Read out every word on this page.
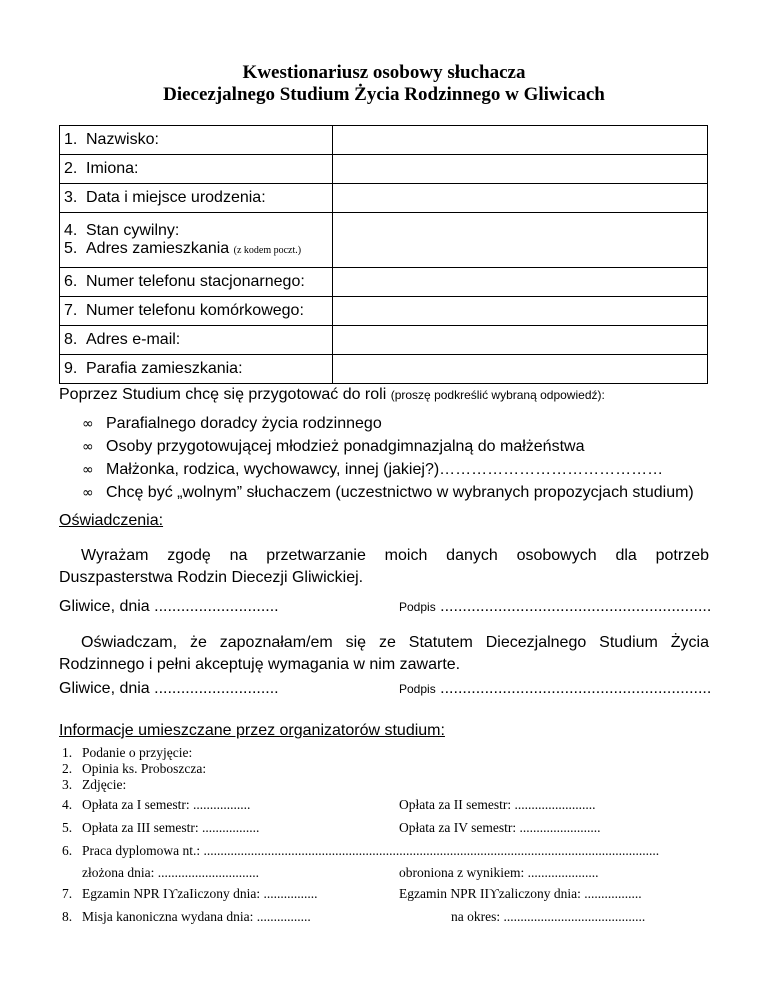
Kwestionariusz osobowy słuchacza
Diecezjalnego Studium Życia Rodzinnego w Gliwicach
1. Nazwisko:	
2. Imiona:	
3. Data i miejsce urodzenia:	

4. Stan cywilny:
5. Adres zamieszkania (z kodem poczt.)	

6. Numer telefonu stacjonarnego:	
7. Numer telefonu komórkowego:	
8. Adres e-mail:	
9. Parafia zamieszkania:	
Poprzez Studium chcę się przygotować do roli (proszę podkreślić wybraną odpowiedź):
∞ Parafialnego doradcy życia rodzinnego
∞ Osoby przygotowującej młodzież ponadgimnazjalną do małżeństwa
∞ Małżonka, rodzica, wychowawcy, innej (jakiej?)……………………………………
∞ Chcę być „wolnym” słuchaczem (uczestnictwo w wybranych propozycjach studium)
Oświadczenia:
Wyrażam zgodę na przetwarzanie moich danych osobowych dla potrzeb Duszpasterstwa Rodzin Diecezji Gliwickiej.
Gliwice, dnia ............................	Podpis .............................................................
Oświadczam, że zapoznałam/em się ze Statutem Diecezjalnego Studium Życia Rodzinnego i pełni akceptuję wymagania w nim zawarte.
Gliwice, dnia ............................	Podpis .............................................................
Informacje umieszczane przez organizatorów studium:
1. Podanie o przyjęcie:
2. Opinia ks. Proboszcza:
3. Zdjęcie:
4. Opłata za I semestr: .................	Opłata za II semestr: ........................
5. Opłata za III semestr: .................	Opłata za IV semestr: ........................
6. Praca dyplomowa nt.: .......................................................................................................................................
złożona dnia: ..............................	obroniona z wynikiem: .....................
7. Egzamin NPR IϒzaIiczony dnia: ................	Egzamin NPR IIϒzaliczony dnia: .................
8. Misja kanoniczna wydana dnia: ................	na okres: ..........................................
